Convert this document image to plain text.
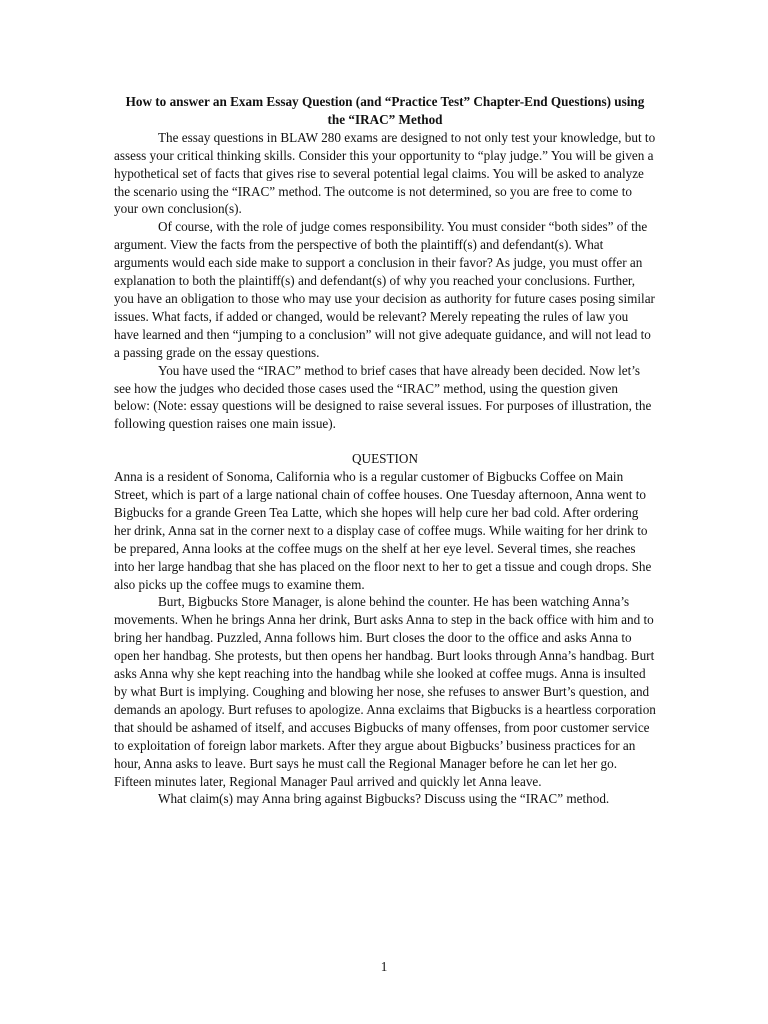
How to answer an Exam Essay Question (and “Practice Test” Chapter-End Questions) using the “IRAC” Method

The essay questions in BLAW 280 exams are designed to not only test your knowledge, but to assess your critical thinking skills. Consider this your opportunity to “play judge.” You will be given a hypothetical set of facts that gives rise to several potential legal claims. You will be asked to analyze the scenario using the “IRAC” method. The outcome is not determined, so you are free to come to your own conclusion(s).

Of course, with the role of judge comes responsibility. You must consider “both sides” of the argument. View the facts from the perspective of both the plaintiff(s) and defendant(s). What arguments would each side make to support a conclusion in their favor? As judge, you must offer an explanation to both the plaintiff(s) and defendant(s) of why you reached your conclusions. Further, you have an obligation to those who may use your decision as authority for future cases posing similar issues. What facts, if added or changed, would be relevant? Merely repeating the rules of law you have learned and then “jumping to a conclusion” will not give adequate guidance, and will not lead to a passing grade on the essay questions.

You have used the “IRAC” method to brief cases that have already been decided. Now let’s see how the judges who decided those cases used the “IRAC” method, using the question given below: (Note: essay questions will be designed to raise several issues. For purposes of illustration, the following question raises one main issue).

QUESTION

Anna is a resident of Sonoma, California who is a regular customer of Bigbucks Coffee on Main Street, which is part of a large national chain of coffee houses. One Tuesday afternoon, Anna went to Bigbucks for a grande Green Tea Latte, which she hopes will help cure her bad cold. After ordering her drink, Anna sat in the corner next to a display case of coffee mugs. While waiting for her drink to be prepared, Anna looks at the coffee mugs on the shelf at her eye level. Several times, she reaches into her large handbag that she has placed on the floor next to her to get a tissue and cough drops. She also picks up the coffee mugs to examine them.

Burt, Bigbucks Store Manager, is alone behind the counter. He has been watching Anna’s movements. When he brings Anna her drink, Burt asks Anna to step in the back office with him and to bring her handbag. Puzzled, Anna follows him. Burt closes the door to the office and asks Anna to open her handbag. She protests, but then opens her handbag. Burt looks through Anna’s handbag. Burt asks Anna why she kept reaching into the handbag while she looked at coffee mugs. Anna is insulted by what Burt is implying. Coughing and blowing her nose, she refuses to answer Burt’s question, and demands an apology. Burt refuses to apologize. Anna exclaims that Bigbucks is a heartless corporation that should be ashamed of itself, and accuses Bigbucks of many offenses, from poor customer service to exploitation of foreign labor markets. After they argue about Bigbucks’ business practices for an hour, Anna asks to leave. Burt says he must call the Regional Manager before he can let her go. Fifteen minutes later, Regional Manager Paul arrived and quickly let Anna leave.

What claim(s) may Anna bring against Bigbucks? Discuss using the “IRAC” method.

1
